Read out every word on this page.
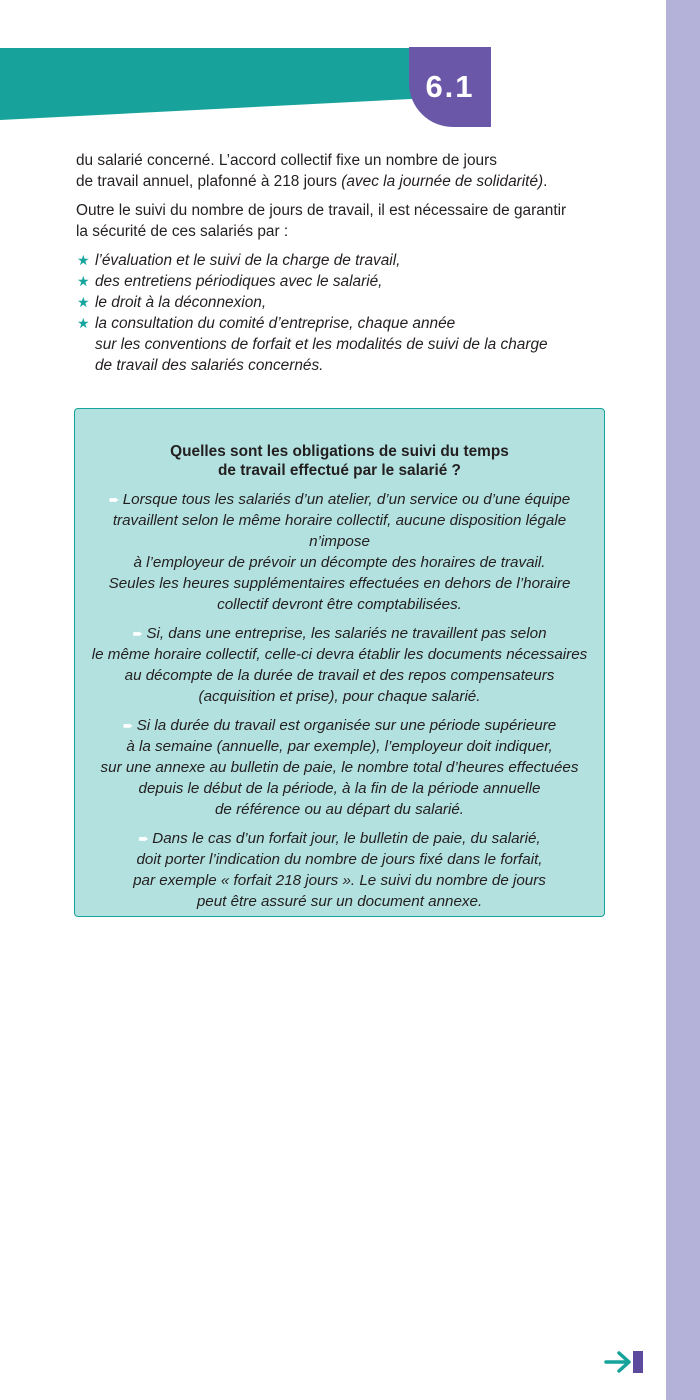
6.1

du salarié concerné. L’accord collectif fixe un nombre de jours
de travail annuel, plafonné à 218 jours (avec la journée de solidarité).

Outre le suivi du nombre de jours de travail, il est nécessaire de garantir
la sécurité de ces salariés par :

★ l’évaluation et le suivi de la charge de travail,
★ des entretiens périodiques avec le salarié,
★ le droit à la déconnexion,
★ la consultation du comité d’entreprise, chaque année
sur les conventions de forfait et les modalités de suivi de la charge
de travail des salariés concernés.
Quelles sont les obligations de suivi du temps
de travail effectué par le salarié ?
➨ Lorsque tous les salariés d’un atelier, d’un service ou d’une équipe
travaillent selon le même horaire collectif, aucune disposition légale n’impose
à l’employeur de prévoir un décompte des horaires de travail.
Seules les heures supplémentaires effectuées en dehors de l’horaire
collectif devront être comptabilisées.
➨ Si, dans une entreprise, les salariés ne travaillent pas selon
le même horaire collectif, celle-ci devra établir les documents nécessaires
au décompte de la durée de travail et des repos compensateurs
(acquisition et prise), pour chaque salarié.
➨ Si la durée du travail est organisée sur une période supérieure
à la semaine (annuelle, par exemple), l’employeur doit indiquer,
sur une annexe au bulletin de paie, le nombre total d’heures effectuées
depuis le début de la période, à la fin de la période annuelle
de référence ou au départ du salarié.
➨ Dans le cas d’un forfait jour, le bulletin de paie, du salarié,
doit porter l’indication du nombre de jours fixé dans le forfait,
par exemple « forfait 218 jours ». Le suivi du nombre de jours
peut être assuré sur un document annexe.
